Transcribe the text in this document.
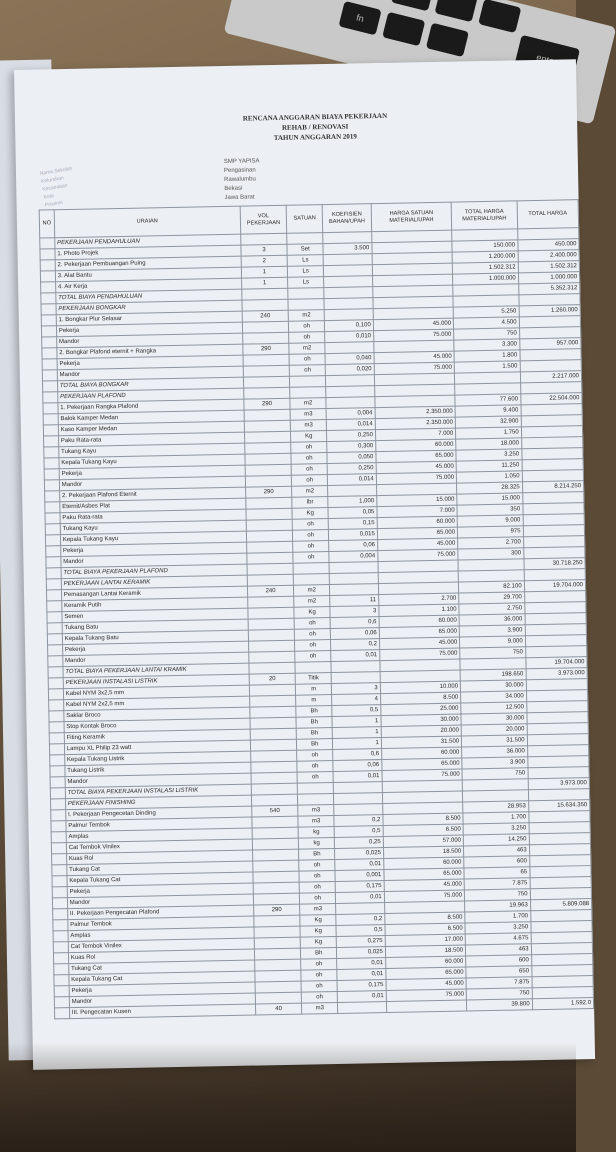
fn
RENCANA ANGGARAN BIAYA PEKERJAAN
REHAB / RENOVASI
TAHUN ANGGARAN 2019
Nama Sekolah
Kelurahan
Kecamatan
Kota
Provinsi
SMP YAPISA
Pengasinan
Rawalumbu
Bekasi
Jawa Barat
NO	URAIAN	VOL PEKERJAAN	SATUAN	KOEFISIEN BAHAN/UPAH	HARGA SATUAN MATERIAL/UPAH	TOTAL HARGA MATERIAL/UPAH	TOTAL HARGA
	PEKERJAAN PENDAHULUAN						
	1. Photo Projek	3	Set	3.500		150.000	450.000
	2. Pekerjaan Pembuangan Puing	2	Ls			1.200.000	2.400.000
	3. Alat Bantu	1	Ls			1.502.312	1.502.312
	4. Air Kerja	1	Ls			1.000.000	1.000.000
	TOTAL BIAYA PENDAHULUAN						5.352.312
	PEKERJAAN BONGKAR						
	1. Bongkar Plur Selasar	240	m2			5.250	1.260.000
	Pekerja		oh	0,100	45.000	4.500	
	Mandor		oh	0,010	75.000	750	
	2. Bongkar Plafond eternit + Rangka	290	m2			3.300	957.000
	Pekerja		oh	0,040	45.000	1.800	
	Mandor		oh	0,020	75.000	1.500	
	TOTAL BIAYA BONGKAR						2.217.000
	PEKERJAAN PLAFOND						
	1. Pekerjaan Rangka Plafond	290	m2			77.600	22.504.000
	Balok Kamper Medan		m3	0,004	2.350.000	9.400	
	Kaso Kamper Medan		m3	0,014	2.350.000	32.900	
	Paku Rata-rata		Kg	0,250	7.000	1.750	
	Tukang Kayu		oh	0,300	60.000	18.000	
	Kepala Tukang Kayu		oh	0,050	65.000	3.250	
	Pekerja		oh	0,250	45.000	11.250	
	Mandor		oh	0,014	75.000	1.050	
	2. Pekerjaan Plafond Eternit	290	m2			28.325	8.214.250
	Eternit/Asbes Plat		lbr	1,000	15.000	15.000	
	Paku Rata-rata		Kg	0,05	7.000	350	
	Tukang Kayu		oh	0,15	60.000	9.000	
	Kepala Tukang Kayu		oh	0,015	65.000	975	
	Pekerja		oh	0,06	45.000	2.700	
	Mandor		oh	0,004	75.000	300	
	TOTAL BIAYA PEKERJAAN PLAFOND						30.718.250
	PEKERJAAN LANTAI KERAMIK						
	Pemasangan Lantai Keramik	240	m2			82.100	19.704.000
	Keramik Putih		m2	11	2.700	29.700	
	Semen		Kg	3	1.100	2.750	
	Tukang Batu		oh	0,6	60.000	36.000	
	Kepala Tukang Batu		oh	0,06	65.000	3.900	
	Pekerja		oh	0,2	45.000	9.000	
	Mandor		oh	0,01	75.000	750	
	TOTAL BIAYA PEKERJAAN LANTAI KRAMIK						19.704.000
	PEKERJAAN INSTALASI LISTRIK	20	Titik			198.650	3.973.000
	Kabel NYM 3x2,5 mm		m	3	10.000	30.000	
	Kabel NYM 2x2,5 mm		m	4	8.500	34.000	
	Saklar Broco		Bh	0,5	25.000	12.500	
	Stop Kontak Broco		Bh	1	30.000	30.000	
	Fiting Keramik		Bh	1	20.000	20.000	
	Lampu XL Philip 23 watt		Bh	1	31.500	31.500	
	Kepala Tukang Listrik		oh	0,6	60.000	36.000	
	Tukang Listrik		oh	0,06	65.000	3.900	
	Mandor		oh	0,01	75.000	750	
	TOTAL BIAYA PEKERJAAN INSTALASI LISTRIK						3.973.000
	PEKERJAAN FINISHING						
	I. Pekerjaan Pengecetan Dinding	540	m3			28.953	15.634.350
	Palmur Tembok		m3	0,2	8.500	1.700	
	Amplas		kg	0,5	6.500	3.250	
	Cat Tembok Vinilex		kg	0,25	57.000	14.250	
	Kuas Rol		Bh	0,025	18.500	463	
	Tukang Cat		oh	0,01	60.000	600	
	Kepala Tukang Cat		oh	0,001	65.000	65	
	Pekerja		oh	0,175	45.000	7.875	
	Mandor		oh	0,01	75.000	750	
	II. Pekerjaan Pengecatan Plafond	290	m3			19.963	5.809.088
	Palmur Tembok		Kg	0,2	8.500	1.700	
	Amplas		Kg	0,5	6.500	3.250	
	Cat Tembok Vinilex		Kg	0,275	17.000	4.675	
	Kuas Rol		Bh	0,025	18.500	463	
	Tukang Cat		oh	0,01	60.000	600	
	Kepala Tukang Cat		oh	0,01	65.000	650	
	Pekerja		oh	0,175	45.000	7.875	
	Mandor		oh	0,01	75.000	750	
	III. Pengecatan Kusen	40	m3			39.800	1.592.0
